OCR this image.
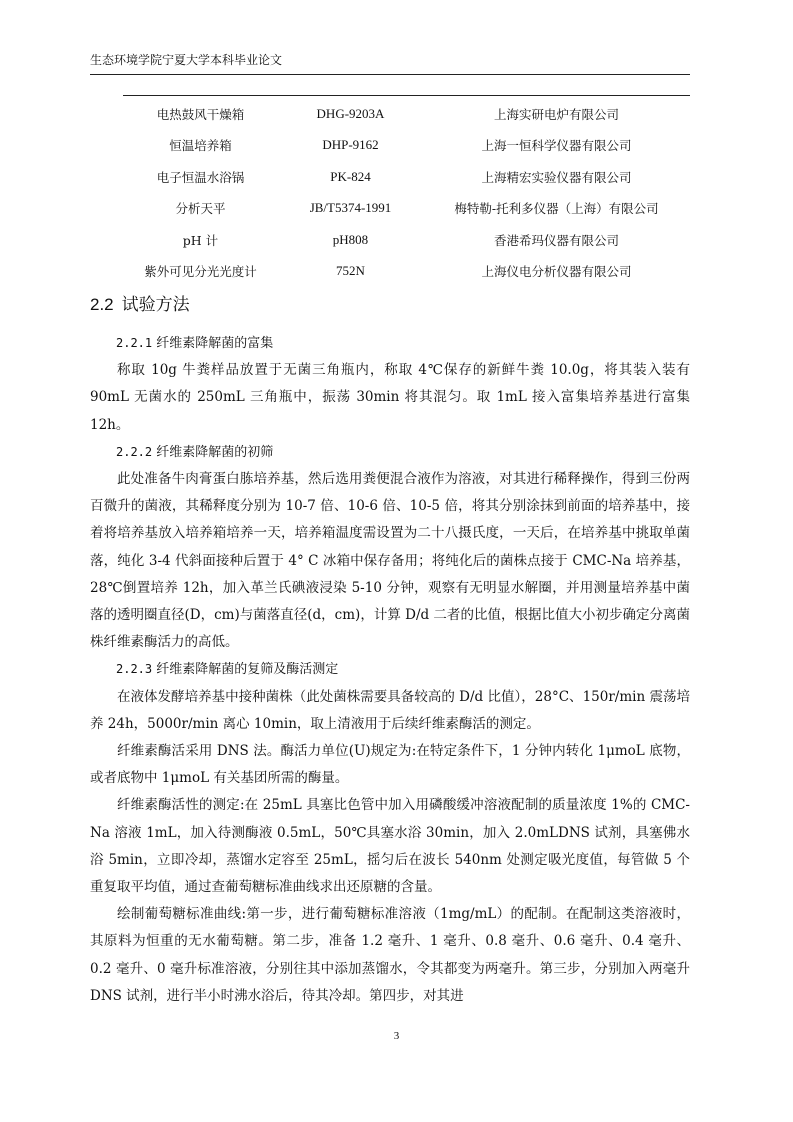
生态环境学院宁夏大学本科毕业论文
电热鼓风干燥箱	DHG-9203A	上海实研电炉有限公司
恒温培养箱	DHP-9162	上海一恒科学仪器有限公司
电子恒温水浴锅	PK-824	上海精宏实验仪器有限公司
分析天平	JB/T5374-1991	梅特勒-托利多仪器（上海）有限公司
pH 计	pH808	香港希玛仪器有限公司
紫外可见分光光度计	752N	上海仪电分析仪器有限公司
2.2 试验方法

2.2.1 纤维素降解菌的富集

称取 10g 牛粪样品放置于无菌三角瓶内，称取 4℃保存的新鲜牛粪 10.0g，将其装入装有 90mL 无菌水的 250mL 三角瓶中，振荡 30min 将其混匀。取 1mL 接入富集培养基进行富集 12h。

2.2.2 纤维素降解菌的初筛

此处准备牛肉膏蛋白胨培养基，然后选用粪便混合液作为溶液，对其进行稀释操作，得到三份两百微升的菌液，其稀释度分别为 10-7 倍、10-6 倍、10-5 倍，将其分别涂抹到前面的培养基中，接着将培养基放入培养箱培养一天，培养箱温度需设置为二十八摄氏度，一天后，在培养基中挑取单菌落，纯化 3-4 代斜面接种后置于 4° C 冰箱中保存备用；将纯化后的菌株点接于 CMC-Na 培养基，28℃倒置培养 12h，加入革兰氏碘液浸染 5-10 分钟，观察有无明显水解圈，并用测量培养基中菌落的透明圈直径(D，cm)与菌落直径(d，cm)，计算 D/d 二者的比值，根据比值大小初步确定分离菌株纤维素酶活力的高低。

2.2.3 纤维素降解菌的复筛及酶活测定

在液体发酵培养基中接种菌株（此处菌株需要具备较高的 D/d 比值），28°C、150r/min 震荡培养 24h，5000r/min 离心 10min，取上清液用于后续纤维素酶活的测定。

纤维素酶活采用 DNS 法。酶活力单位(U)规定为:在特定条件下，1 分钟内转化 1μmoL 底物，或者底物中 1μmoL 有关基团所需的酶量。

纤维素酶活性的测定:在 25mL 具塞比色管中加入用磷酸缓冲溶液配制的质量浓度 1%的 CMC-Na 溶液 1mL，加入待测酶液 0.5mL，50℃具塞水浴 30min，加入 2.0mLDNS 试剂，具塞佛水浴 5min，立即冷却，蒸馏水定容至 25mL，摇匀后在波长 540nm 处测定吸光度值，每管做 5 个重复取平均值，通过查葡萄糖标准曲线求出还原糖的含量。

绘制葡萄糖标准曲线:第一步，进行葡萄糖标准溶液（1mg/mL）的配制。在配制这类溶液时，其原料为恒重的无水葡萄糖。第二步，准备 1.2 毫升、1 毫升、0.8 毫升、0.6 毫升、0.4 毫升、0.2 毫升、0 毫升标准溶液，分别往其中添加蒸馏水，令其都变为两毫升。第三步，分别加入两毫升 DNS 试剂，进行半小时沸水浴后，待其冷却。第四步，对其进

3
